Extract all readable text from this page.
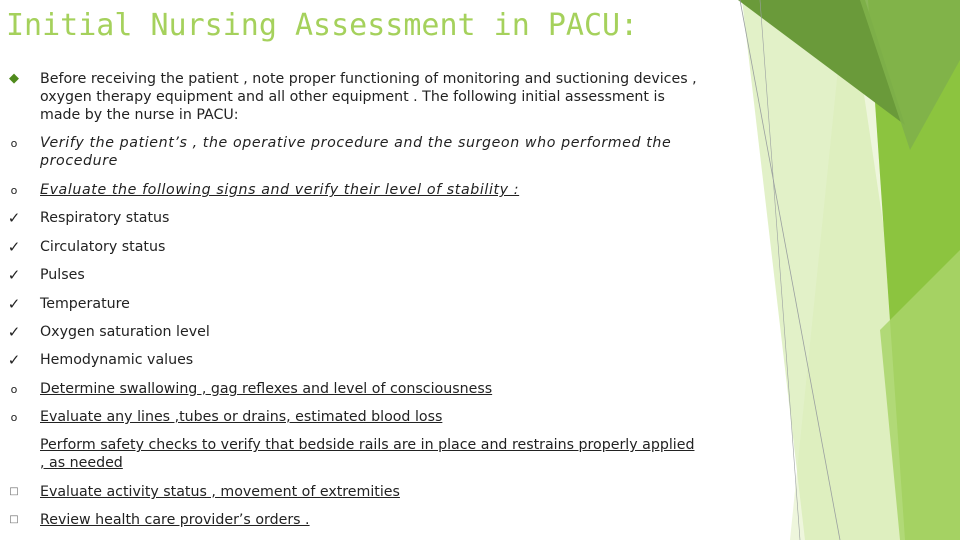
Initial Nursing Assessment in PACU:
◆	Before receiving the patient , note proper functioning of monitoring and suctioning devices , oxygen therapy equipment and all other equipment . The following initial assessment is made by the nurse in PACU:
o	Verify the patient’s , the operative procedure and the surgeon who performed the procedure
o	Evaluate the following signs and verify their level of stability :
✓	Respiratory status
✓	Circulatory status
✓	Pulses
✓	Temperature
✓	Oxygen saturation level
✓	Hemodynamic values
o	Determine swallowing , gag reflexes and level of consciousness
o	Evaluate any lines ,tubes or drains, estimated blood loss
Perform safety checks to verify that bedside rails are in place and restrains properly applied , as needed
□	Evaluate activity status , movement of extremities
□	Review health care provider’s orders .
